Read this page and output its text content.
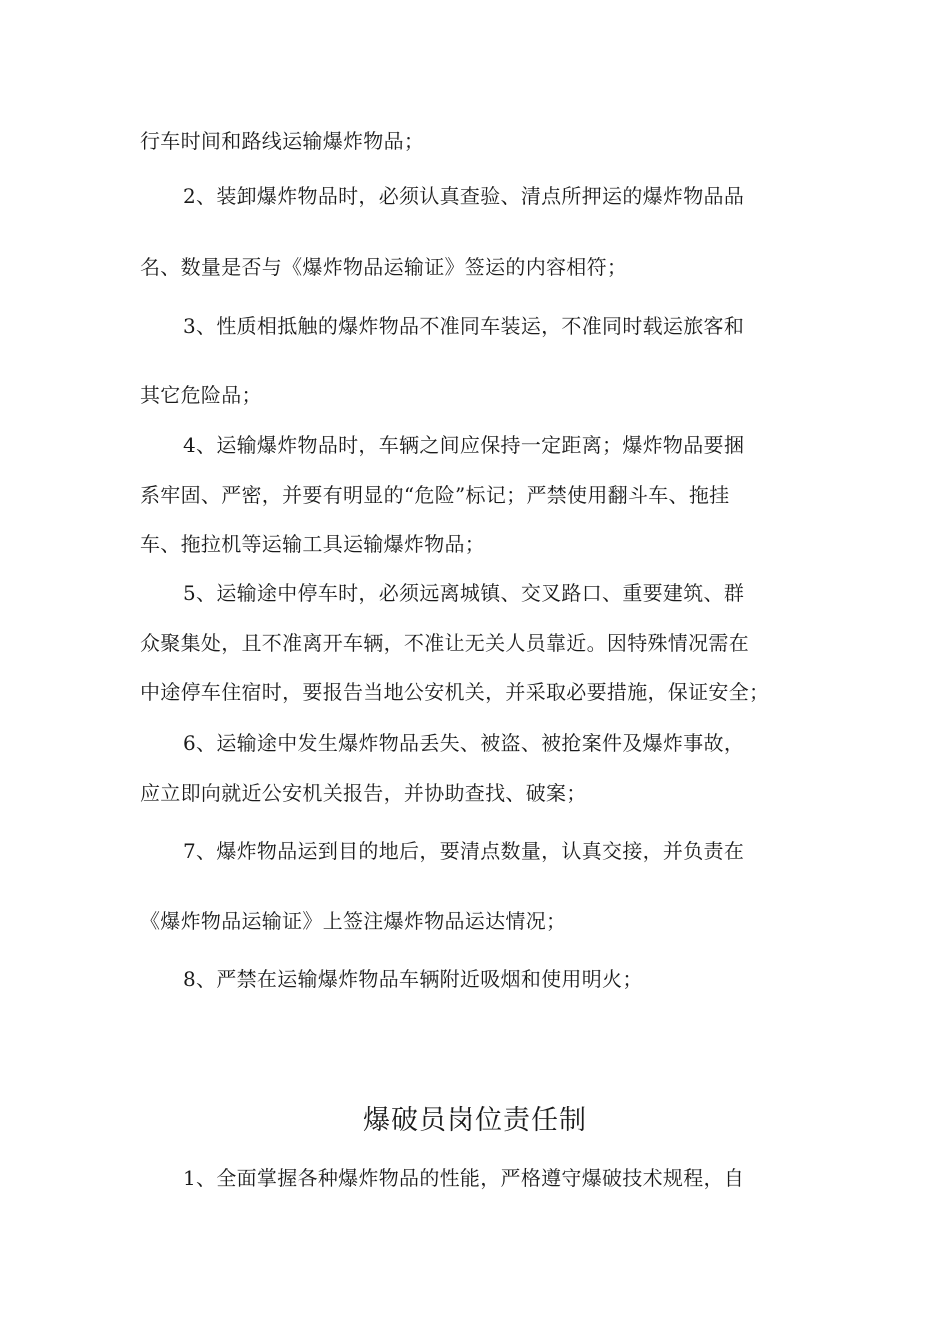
行车时间和路线运输爆炸物品；
2、装卸爆炸物品时，必须认真查验、清点所押运的爆炸物品品
名、数量是否与《爆炸物品运输证》签运的内容相符；
3、性质相抵触的爆炸物品不准同车装运，不准同时载运旅客和
其它危险品；
4、运输爆炸物品时，车辆之间应保持一定距离；爆炸物品要捆
系牢固、严密，并要有明显的“危险”标记；严禁使用翻斗车、拖挂
车、拖拉机等运输工具运输爆炸物品；
5、运输途中停车时，必须远离城镇、交叉路口、重要建筑、群
众聚集处，且不准离开车辆，不准让无关人员靠近。因特殊情况需在
中途停车住宿时，要报告当地公安机关，并采取必要措施，保证安全；
6、运输途中发生爆炸物品丢失、被盗、被抢案件及爆炸事故，
应立即向就近公安机关报告，并协助查找、破案；
7、爆炸物品运到目的地后，要清点数量，认真交接，并负责在
《爆炸物品运输证》上签注爆炸物品运达情况；
8、严禁在运输爆炸物品车辆附近吸烟和使用明火；
爆破员岗位责任制
1、全面掌握各种爆炸物品的性能，严格遵守爆破技术规程，自
